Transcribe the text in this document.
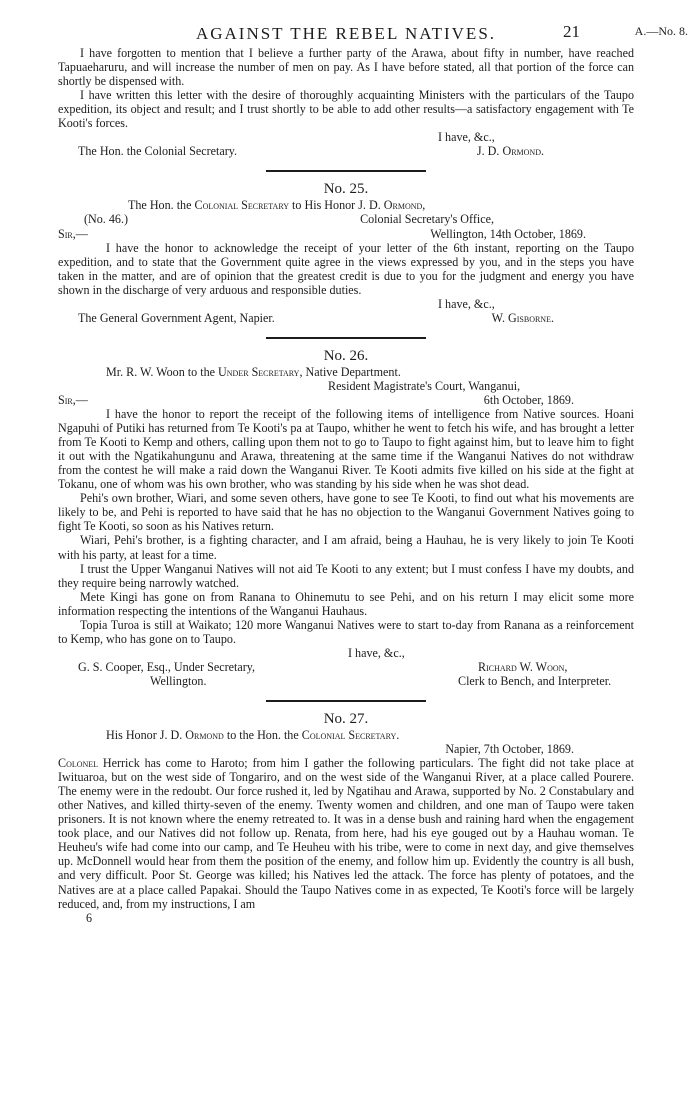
AGAINST THE REBEL NATIVES.	21	A.—No. 8.

I have forgotten to mention that I believe a further party of the Arawa, about fifty in number, have reached Tapuaeharuru, and will increase the number of men on pay. As I have before stated, all that portion of the force can shortly be dispensed with.

I have written this letter with the desire of thoroughly acquainting Ministers with the particulars of the Taupo expedition, its object and result; and I trust shortly to be able to add other results—a satisfactory engagement with Te Kooti's forces.

I have, &c.,
The Hon. the Colonial Secretary.	J. D. Ormond.
No. 25.
The Hon. the Colonial Secretary to His Honor J. D. Ormond,
(No. 46.)	Colonial Secretary's Office,
Sir,—	Wellington, 14th October, 1869.

I have the honor to acknowledge the receipt of your letter of the 6th instant, reporting on the Taupo expedition, and to state that the Government quite agree in the views expressed by you, and in the steps you have taken in the matter, and are of opinion that the greatest credit is due to you for the judgment and energy you have shown in the discharge of very arduous and responsible duties.

I have, &c.,
The General Government Agent, Napier.	W. Gisborne.
No. 26.
Mr. R. W. Woon to the Under Secretary, Native Department.
Resident Magistrate's Court, Wanganui,
Sir,—	6th October, 1869.

I have the honor to report the receipt of the following items of intelligence from Native sources. Hoani Ngapuhi of Putiki has returned from Te Kooti's pa at Taupo, whither he went to fetch his wife, and has brought a letter from Te Kooti to Kemp and others, calling upon them not to go to Taupo to fight against him, but to leave him to fight it out with the Ngatikahungunu and Arawa, threatening at the same time if the Wanganui Natives do not withdraw from the contest he will make a raid down the Wanganui River. Te Kooti admits five killed on his side at the fight at Tokanu, one of whom was his own brother, who was standing by his side when he was shot dead.

Pehi's own brother, Wiari, and some seven others, have gone to see Te Kooti, to find out what his movements are likely to be, and Pehi is reported to have said that he has no objection to the Wanganui Government Natives going to fight Te Kooti, so soon as his Natives return.

Wiari, Pehi's brother, is a fighting character, and I am afraid, being a Hauhau, he is very likely to join Te Kooti with his party, at least for a time.

I trust the Upper Wanganui Natives will not aid Te Kooti to any extent; but I must confess I have my doubts, and they require being narrowly watched.

Mete Kingi has gone on from Ranana to Ohinemutu to see Pehi, and on his return I may elicit some more information respecting the intentions of the Wanganui Hauhaus.

Topia Turoa is still at Waikato; 120 more Wanganui Natives were to start to-day from Ranana as a reinforcement to Kemp, who has gone on to Taupo.

I have, &c.,
G. S. Cooper, Esq., Under Secretary,
Wellington.
Richard W. Woon,
Clerk to Bench, and Interpreter.
No. 27.
His Honor J. D. Ormond to the Hon. the Colonial Secretary.
Napier, 7th October, 1869.

Colonel Herrick has come to Haroto; from him I gather the following particulars. The fight did not take place at Iwituaroa, but on the west side of Tongariro, and on the west side of the Wanganui River, at a place called Pourere. The enemy were in the redoubt. Our force rushed it, led by Ngatihau and Arawa, supported by No. 2 Constabulary and other Natives, and killed thirty-seven of the enemy. Twenty women and children, and one man of Taupo were taken prisoners. It is not known where the enemy retreated to. It was in a dense bush and raining hard when the engagement took place, and our Natives did not follow up. Renata, from here, had his eye gouged out by a Hauhau woman. Te Heuheu's wife had come into our camp, and Te Heuheu with his tribe, were to come in next day, and give themselves up. McDonnell would hear from them the position of the enemy, and follow him up. Evidently the country is all bush, and very difficult. Poor St. George was killed; his Natives led the attack. The force has plenty of potatoes, and the Natives are at a place called Papakai. Should the Taupo Natives come in as expected, Te Kooti's force will be largely reduced, and, from my instructions, I am

6
